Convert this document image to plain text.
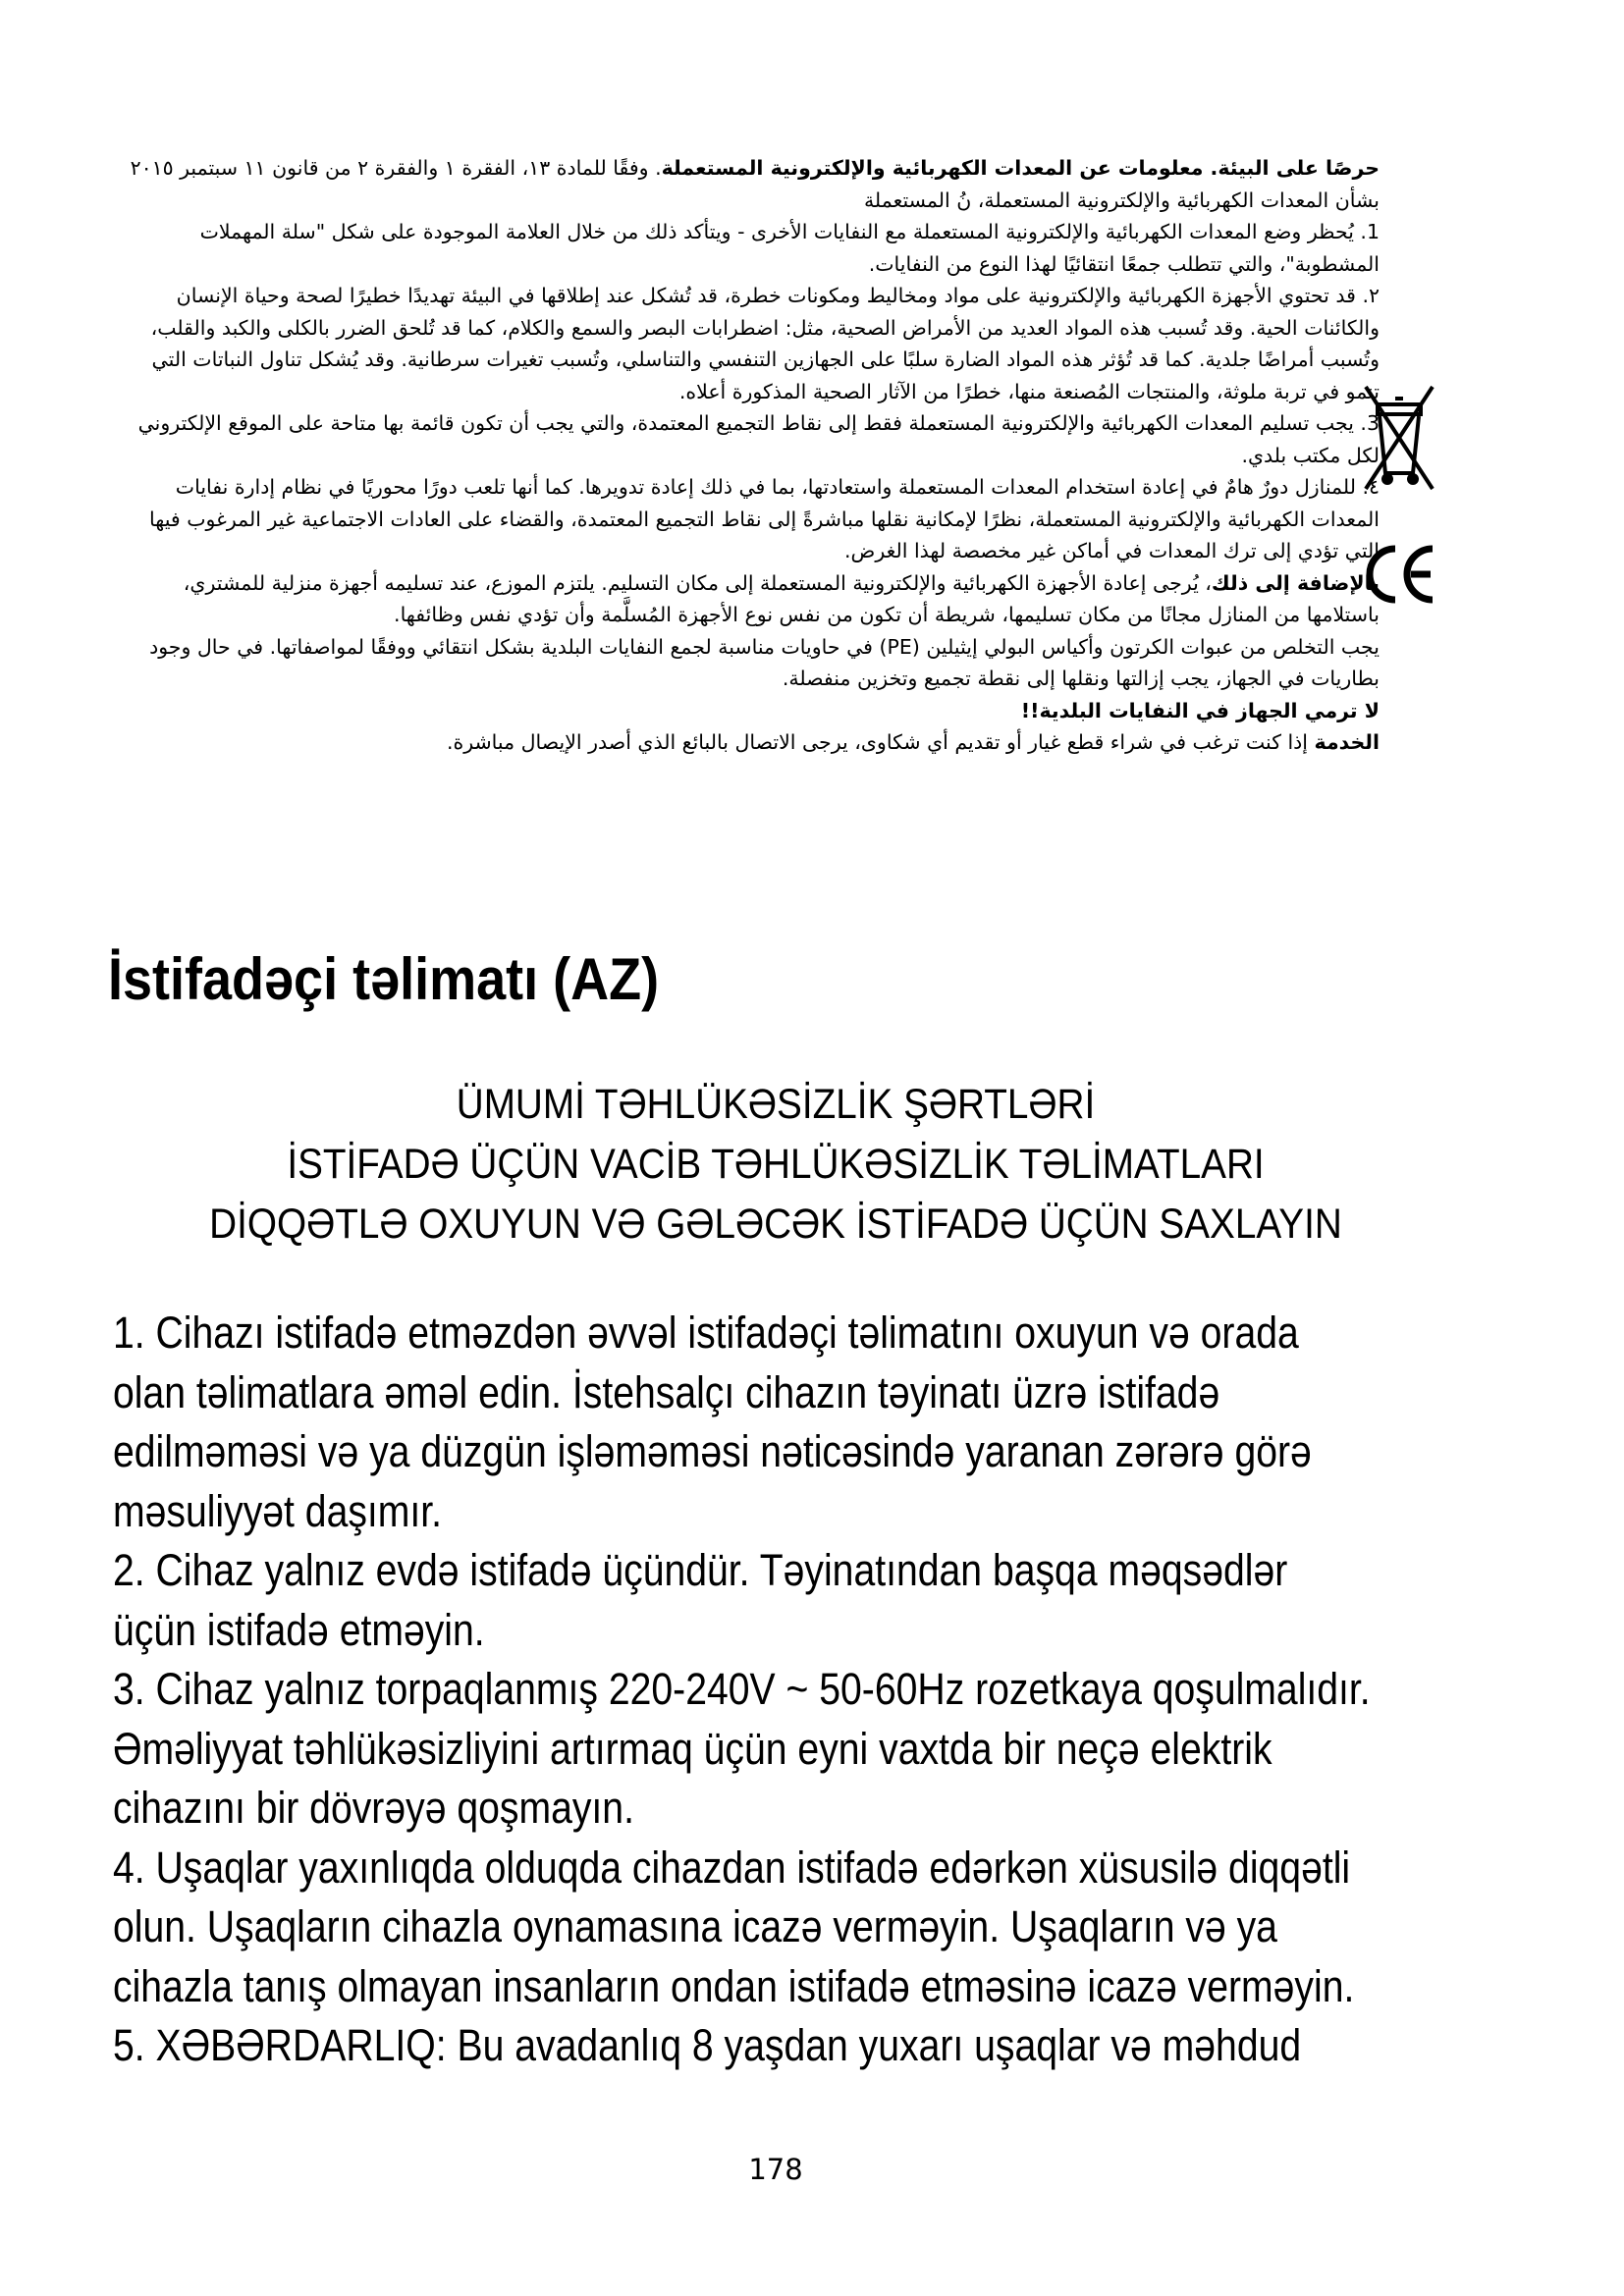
حرصًا على البيئة. معلومات عن المعدات الكهربائية والإلكترونية المستعملة. وفقًا للمادة ١٣، الفقرة ١ والفقرة ٢ من قانون ١١ سبتمبر ٢٠١٥ بشأن المعدات الكهربائية والإلكترونية المستعملة، نُ المستعملة

1. يُحظر وضع المعدات الكهربائية والإلكترونية المستعملة مع النفايات الأخرى - ويتأكد ذلك من خلال العلامة الموجودة على شكل "سلة المهملات المشطوبة"، والتي تتطلب جمعًا انتقائيًا لهذا النوع من النفايات.

٢. قد تحتوي الأجهزة الكهربائية والإلكترونية على مواد ومخاليط ومكونات خطرة، قد تُشكل عند إطلاقها في البيئة تهديدًا خطيرًا لصحة وحياة الإنسان والكائنات الحية. وقد تُسبب هذه المواد العديد من الأمراض الصحية، مثل: اضطرابات البصر والسمع والكلام، كما قد تُلحق الضرر بالكلى والكبد والقلب، وتُسبب أمراضًا جلدية. كما قد تُؤثر هذه المواد الضارة سلبًا على الجهازين التنفسي والتناسلي، وتُسبب تغيرات سرطانية. وقد يُشكل تناول النباتات التي تنمو في تربة ملوثة، والمنتجات المُصنعة منها، خطرًا من الآثار الصحية المذكورة أعلاه.

3. يجب تسليم المعدات الكهربائية والإلكترونية المستعملة فقط إلى نقاط التجميع المعتمدة، والتي يجب أن تكون قائمة بها متاحة على الموقع الإلكتروني لكل مكتب بلدي.

٤. للمنازل دورٌ هامٌ في إعادة استخدام المعدات المستعملة واستعادتها، بما في ذلك إعادة تدويرها. كما أنها تلعب دورًا محوريًا في نظام إدارة نفايات المعدات الكهربائية والإلكترونية المستعملة، نظرًا لإمكانية نقلها مباشرةً إلى نقاط التجميع المعتمدة، والقضاء على العادات الاجتماعية غير المرغوب فيها التي تؤدي إلى ترك المعدات في أماكن غير مخصصة لهذا الغرض.

بالإضافة إلى ذلك، يُرجى إعادة الأجهزة الكهربائية والإلكترونية المستعملة إلى مكان التسليم. يلتزم الموزع، عند تسليمه أجهزة منزلية للمشتري، باستلامها من المنازل مجانًا من مكان تسليمها، شريطة أن تكون من نفس نوع الأجهزة المُسلَّمة وأن تؤدي نفس وظائفها.

يجب التخلص من عبوات الكرتون وأكياس البولي إيثيلين (PE) في حاويات مناسبة لجمع النفايات البلدية بشكل انتقائي ووفقًا لمواصفاتها. في حال وجود بطاريات في الجهاز، يجب إزالتها ونقلها إلى نقطة تجميع وتخزين منفصلة.

لا ترمي الجهاز في النفايات البلدية!!

الخدمة إذا كنت ترغب في شراء قطع غيار أو تقديم أي شكاوى، يرجى الاتصال بالبائع الذي أصدر الإيصال مباشرة.

İstifadəçi təlimatı (AZ)
ÜMUMİ TƏHLÜKƏSİZLİK ŞƏRTLƏRİ
İSTİFADƏ ÜÇÜN VACİB TƏHLÜKƏSİZLİK TƏLİMATLARI
DİQQƏTLƏ OXUYUN VƏ GƏLƏCƏK İSTİFADƏ ÜÇÜN SAXLAYIN
1. Cihazı istifadə etməzdən əvvəl istifadəçi təlimatını oxuyun və orada
olan təlimatlara əməl edin. İstehsalçı cihazın təyinatı üzrə istifadə
edilməməsi və ya düzgün işləməməsi nəticəsində yaranan zərərə görə
məsuliyyət daşımır.
2. Cihaz yalnız evdə istifadə üçündür. Təyinatından başqa məqsədlər
üçün istifadə etməyin.
3. Cihaz yalnız torpaqlanmış 220-240V ~ 50-60Hz rozetkaya qoşulmalıdır.
Əməliyyat təhlükəsizliyini artırmaq üçün eyni vaxtda bir neçə elektrik
cihazını bir dövrəyə qoşmayın.
4. Uşaqlar yaxınlıqda olduqda cihazdan istifadə edərkən xüsusilə diqqətli
olun. Uşaqların cihazla oynamasına icazə verməyin. Uşaqların və ya
cihazla tanış olmayan insanların ondan istifadə etməsinə icazə verməyin.
5. XƏBƏRDARLIQ: Bu avadanlıq 8 yaşdan yuxarı uşaqlar və məhdud
178
